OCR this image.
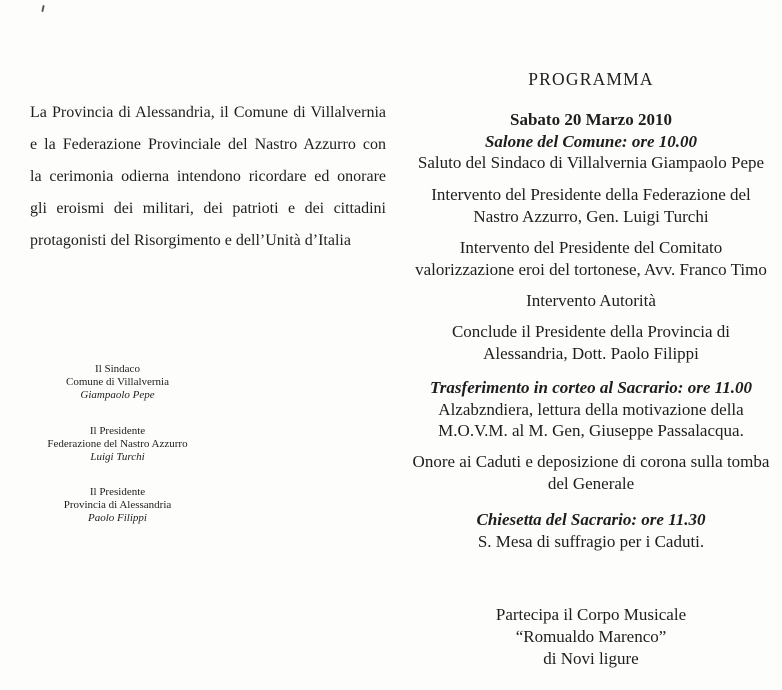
La Provincia di Alessandria, il Comune di Villalvernia
e la Federazione Provinciale del Nastro Azzurro con
la cerimonia odierna intendono ricordare ed onorare
gli eroismi dei militari, dei patrioti e dei cittadini
protagonisti del Risorgimento e dell’Unità d’Italia
Il Sindaco
Comune di Villalvernia
Giampaolo Pepe
Il Presidente
Federazione del Nastro Azzurro
Luigi Turchi
Il Presidente
Provincia di Alessandria
Paolo Filippi
PROGRAMMA
Sabato 20 Marzo 2010
Salone del Comune: ore 10.00
Saluto del Sindaco di Villalvernia Giampaolo Pepe
Intervento del Presidente della Federazione del
Nastro Azzurro, Gen. Luigi Turchi
Intervento del Presidente del Comitato
valorizzazione eroi del tortonese, Avv. Franco Timo
Intervento Autorità
Conclude il Presidente della Provincia di
Alessandria, Dott. Paolo Filippi
Trasferimento in corteo al Sacrario: ore 11.00
Alzabzndiera, lettura della motivazione della
M.O.V.M. al M. Gen, Giuseppe Passalacqua.
Onore ai Caduti e deposizione di corona sulla tomba
del Generale
Chiesetta del Sacrario: ore 11.30
S. Mesa di suffragio per i Caduti.
Partecipa il Corpo Musicale
“Romualdo Marenco”
di Novi ligure
